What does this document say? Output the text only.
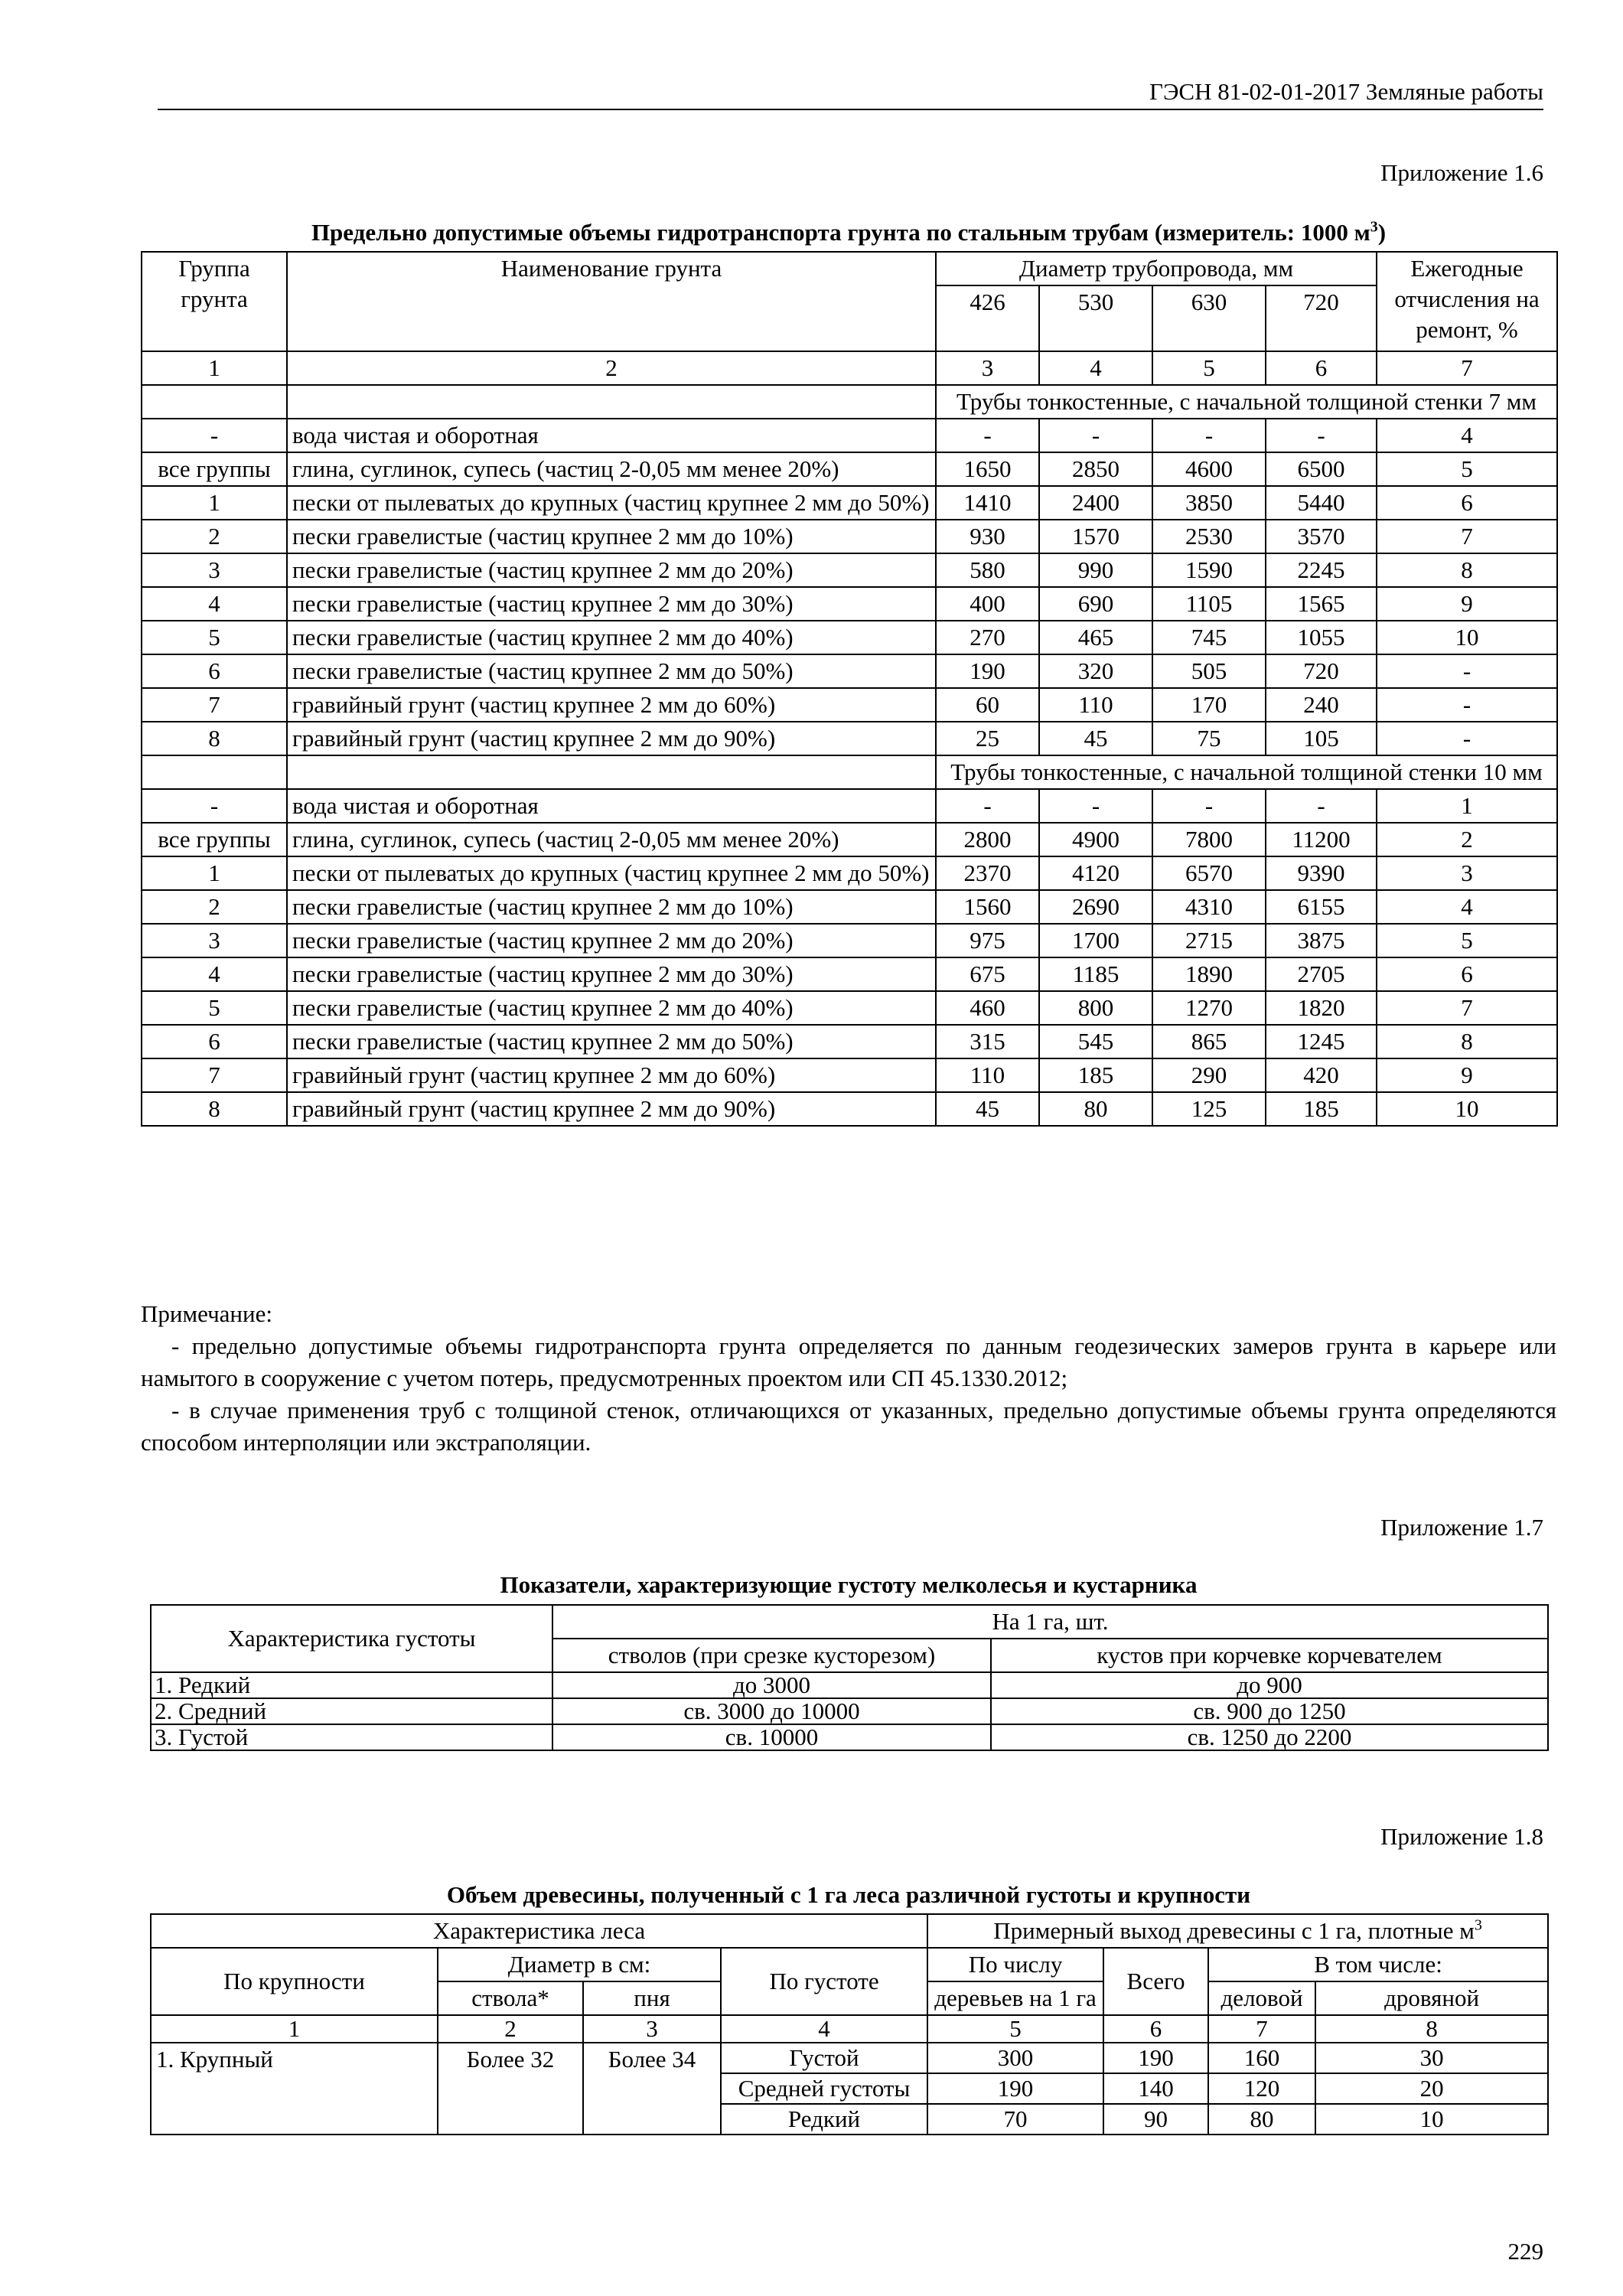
ГЭСН 81-02-01-2017 Земляные работы
Приложение 1.6
Предельно допустимые объемы гидротранспорта грунта по стальным трубам (измеритель: 1000 $м^3$)
Группа грунта	Наименование грунта	Диаметр трубопровода, мм				Ежегодные отчисления на ремонт, %
		426	530	630	720	
1	2	3	4	5	6	7
		Трубы тонкостенные, с начальной толщиной стенки 7 мм				
-	вода чистая и оборотная	-	-	-	-	4
все группы	глина, суглинок, супесь (частиц 2-0,05 мм менее 20%)	1650	2850	4600	6500	5
1	пески от пылеватых до крупных (частиц крупнее 2 мм до 50%)	1410	2400	3850	5440	6
2	пески гравелистые (частиц крупнее 2 мм до 10%)	930	1570	2530	3570	7
3	пески гравелистые (частиц крупнее 2 мм до 20%)	580	990	1590	2245	8
4	пески гравелистые (частиц крупнее 2 мм до 30%)	400	690	1105	1565	9
5	пески гравелистые (частиц крупнее 2 мм до 40%)	270	465	745	1055	10
6	пески гравелистые (частиц крупнее 2 мм до 50%)	190	320	505	720	-
7	гравийный грунт (частиц крупнее 2 мм до 60%)	60	110	170	240	-
8	гравийный грунт (частиц крупнее 2 мм до 90%)	25	45	75	105	-
		Трубы тонкостенные, с начальной толщиной стенки 10 мм				
-	вода чистая и оборотная	-	-	-	-	1
все группы	глина, суглинок, супесь (частиц 2-0,05 мм менее 20%)	2800	4900	7800	11200	2
1	пески от пылеватых до крупных (частиц крупнее 2 мм до 50%)	2370	4120	6570	9390	3
2	пески гравелистые (частиц крупнее 2 мм до 10%)	1560	2690	4310	6155	4
3	пески гравелистые (частиц крупнее 2 мм до 20%)	975	1700	2715	3875	5
4	пески гравелистые (частиц крупнее 2 мм до 30%)	675	1185	1890	2705	6
5	пески гравелистые (частиц крупнее 2 мм до 40%)	460	800	1270	1820	7
6	пески гравелистые (частиц крупнее 2 мм до 50%)	315	545	865	1245	8
7	гравийный грунт (частиц крупнее 2 мм до 60%)	110	185	290	420	9
8	гравийный грунт (частиц крупнее 2 мм до 90%)	45	80	125	185	10

Примечание:

- предельно допустимые объемы гидротранспорта грунта определяется по данным геодезических замеров грунта в карьере или намытого в сооружение с учетом потерь, предусмотренных проектом или СП 45.1330.2012;

- в случае применения труб с толщиной стенок, отличающихся от указанных, предельно допустимые объемы грунта определяются способом интерполяции или экстраполяции.

Приложение 1.7
Показатели, характеризующие густоту мелколесья и кустарника
Характеристика густоты	На 1 га, шт.	
	стволов (при срезке кусторезом)	кустов при корчевке корчевателем
1. Редкий	до 3000	до 900
2. Средний	св. 3000 до 10000	св. 900 до 1250
3. Густой	св. 10000	св. 1250 до 2200
Приложение 1.8
Объем древесины, полученный с 1 га леса различной густоты и крупности
Характеристика леса				Примерный выход древесины с 1 га, плотные $м^3$
По крупности	Диаметр в см:		По густоте	По числу	Всего	В том числе:	
	ствола*	пня		деревьев на 1 га		деловой	дровяной
1	2	3	4	5	6	7	8
1. Крупный	Более 32	Более 34	Густой	300	190	160	30
			Средней густоты	190	140	120	20
			Редкий	70	90	80	10
229
